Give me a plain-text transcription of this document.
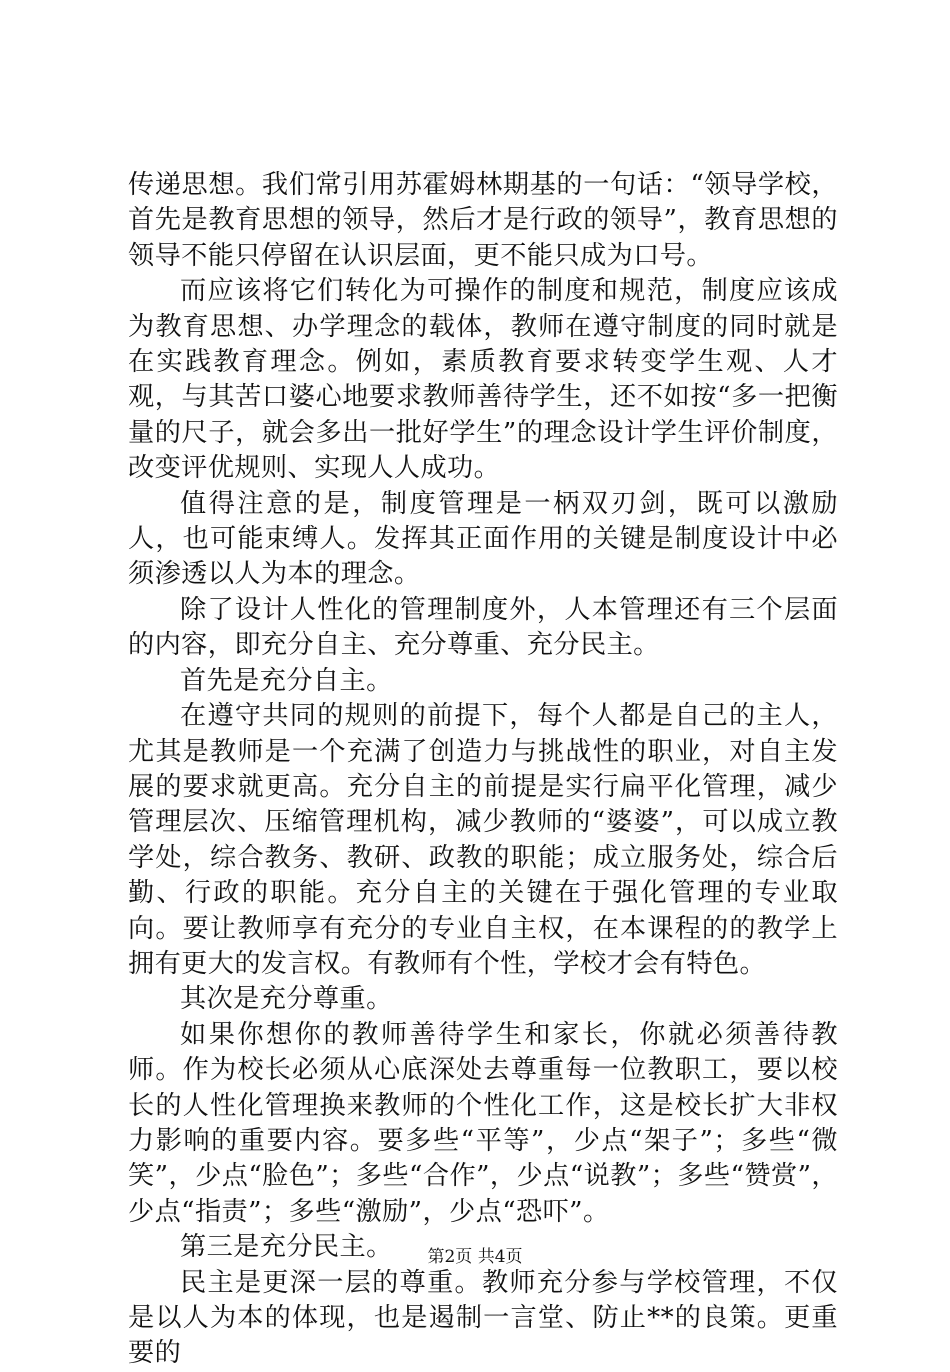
传递思想。我们常引用苏霍姆林期基的一句话：“领导学校，首先是教育思想的领导，然后才是行政的领导”，教育思想的领导不能只停留在认识层面，更不能只成为口号。

而应该将它们转化为可操作的制度和规范，制度应该成为教育思想、办学理念的载体，教师在遵守制度的同时就是在实践教育理念。例如，素质教育要求转变学生观、人才观，与其苦口婆心地要求教师善待学生，还不如按“多一把衡量的尺子，就会多出一批好学生”的理念设计学生评价制度，改变评优规则、实现人人成功。

值得注意的是，制度管理是一柄双刃剑，既可以激励人，也可能束缚人。发挥其正面作用的关键是制度设计中必须渗透以人为本的理念。

除了设计人性化的管理制度外，人本管理还有三个层面的内容，即充分自主、充分尊重、充分民主。

首先是充分自主。

在遵守共同的规则的前提下，每个人都是自己的主人，尤其是教师是一个充满了创造力与挑战性的职业，对自主发展的要求就更高。充分自主的前提是实行扁平化管理，减少管理层次、压缩管理机构，减少教师的“婆婆”，可以成立教学处，综合教务、教研、政教的职能；成立服务处，综合后勤、行政的职能。充分自主的关键在于强化管理的专业取向。要让教师享有充分的专业自主权，在本课程的的教学上拥有更大的发言权。有教师有个性，学校才会有特色。

其次是充分尊重。

如果你想你的教师善待学生和家长，你就必须善待教师。作为校长必须从心底深处去尊重每一位教职工，要以校长的人性化管理换来教师的个性化工作，这是校长扩大非权力影响的重要内容。要多些“平等”，少点“架子”；多些“微笑”，少点“脸色”；多些“合作”，少点“说教”；多些“赞赏”，少点“指责”；多些“激励”，少点“恐吓”。

第三是充分民主。

民主是更深一层的尊重。教师充分参与学校管理，不仅是以人为本的体现，也是遏制一言堂、防止**的良策。更重要的

第2页 共4页
